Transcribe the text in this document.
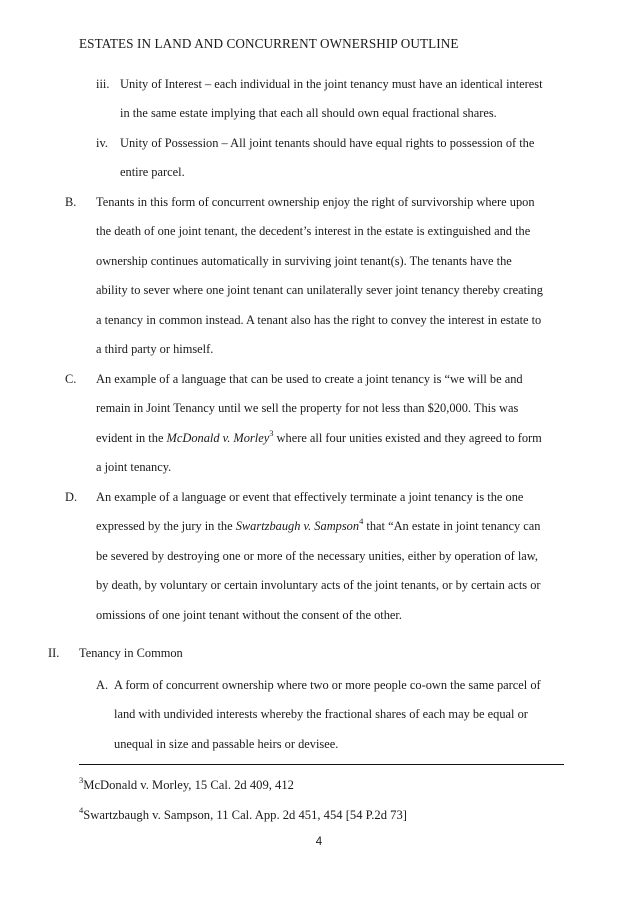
ESTATES IN LAND AND CONCURRENT OWNERSHIP OUTLINE
iii. Unity of Interest – each individual in the joint tenancy must have an identical interest
in the same estate implying that each all should own equal fractional shares.
iv. Unity of Possession – All joint tenants should have equal rights to possession of the
entire parcel.
B. Tenants in this form of concurrent ownership enjoy the right of survivorship where upon
the death of one joint tenant, the decedent’s interest in the estate is extinguished and the
ownership continues automatically in surviving joint tenant(s). The tenants have the
ability to sever where one joint tenant can unilaterally sever joint tenancy thereby creating
a tenancy in common instead. A tenant also has the right to convey the interest in estate to
a third party or himself.
C. An example of a language that can be used to create a joint tenancy is “we will be and
remain in Joint Tenancy until we sell the property for not less than $20,000. This was
evident in the McDonald v. Morley$^3$ where all four unities existed and they agreed to form
a joint tenancy.
D. An example of a language or event that effectively terminate a joint tenancy is the one
expressed by the jury in the Swartzbaugh v. Sampson$^4$ that “An estate in joint tenancy can
be severed by destroying one or more of the necessary unities, either by operation of law,
by death, by voluntary or certain involuntary acts of the joint tenants, or by certain acts or
omissions of one joint tenant without the consent of the other.
II. Tenancy in Common
A. A form of concurrent ownership where two or more people co-own the same parcel of
land with undivided interests whereby the fractional shares of each may be equal or
unequal in size and passable heirs or devisee.
$^3$McDonald v. Morley, 15 Cal. 2d 409, 412
$^4$Swartzbaugh v. Sampson, 11 Cal. App. 2d 451, 454 [54 P.2d 73]
4
